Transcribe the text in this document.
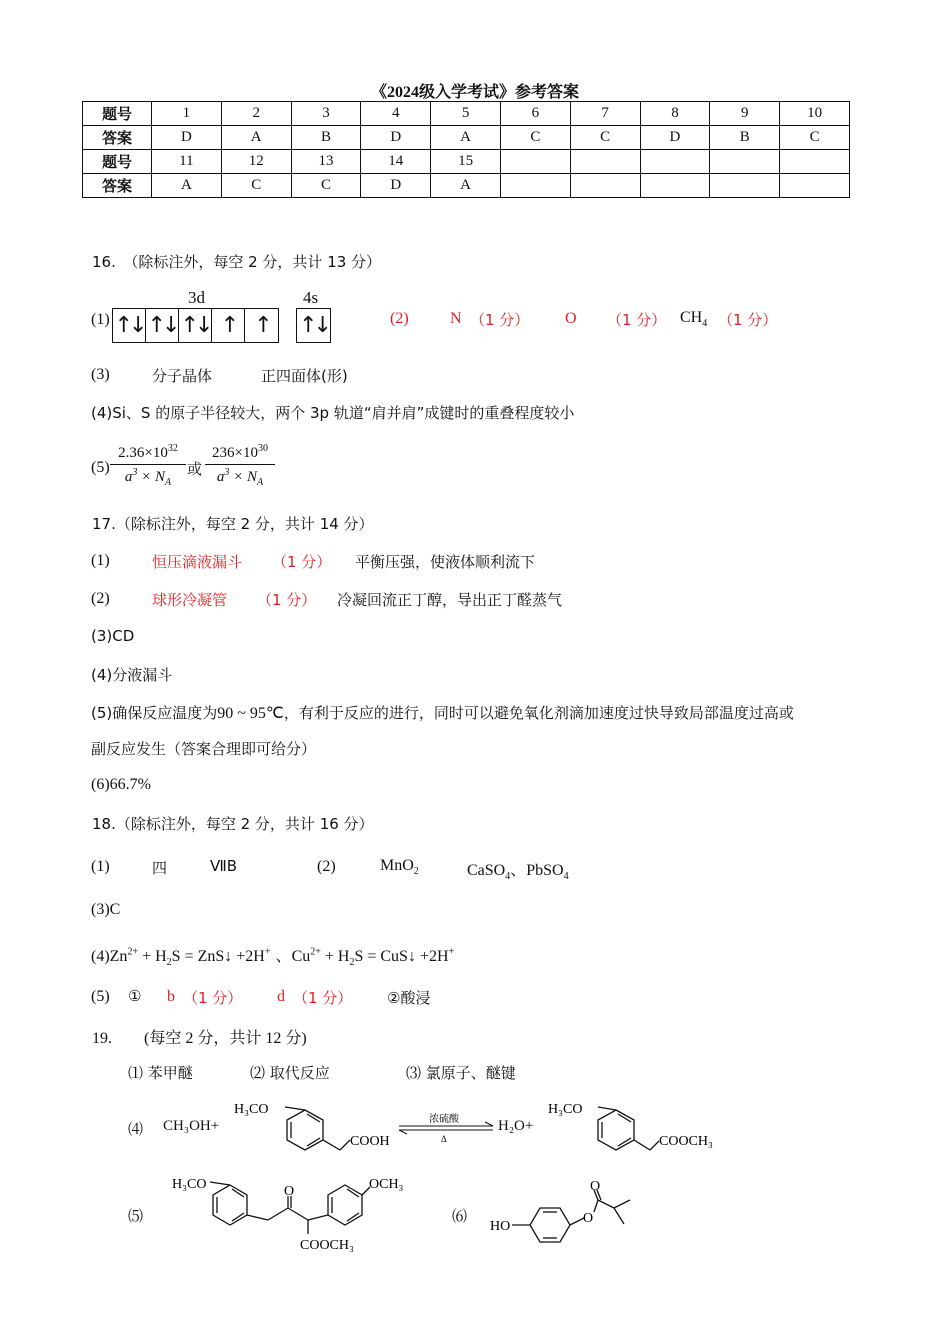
《2024级入学考试》参考答案
题号	1	2	3	4	5	6	7	8	9	10
答案	D	A	B	D	A	C	C	D	B	C
题号	11	12	13	14	15					
答案	A	C	C	D	A					
16.　（除标注外，每空 2 分，共计 13 分）
(1)
3d	4s
↑↓ ↑↓ ↑↓ ↑ ↑	↑↓	(2)	N （1 分） O （1 分） $CH_4$ （1 分）
(3)	分子晶体	正四面体(形)
(4)Si、S 的原子半径较大，两个 3p 轨道“肩并肩”成键时的重叠程度较小
$(5) \frac{2.36\times 10^{32}}{a^3 \times N_A}$ 或 $\frac{236\times 10^{30}}{a^3 \times N_A}$
17.（除标注外，每空 2 分，共计 14 分）
(1)	恒压滴液漏斗 （1 分） 平衡压强，使液体顺利流下
(2)	球形冷凝管 （1 分） 冷凝回流正丁醇，导出正丁醛蒸气
(3)CD
(4)分液漏斗
(5)确保反应温度为90 ~ 95℃，有利于反应的进行，同时可以避免氧化剂滴加速度过快导致局部温度过高或
副反应发生（答案合理即可给分）
(6)66.7%
18.（除标注外，每空 2 分，共计 16 分）
(1)	四	ⅦB	(2)	MnO$_2$	CaSO$_4$、PbSO$_4$
(3)C
$(4)Zn^{2+} + H_2S$ = ZnS↓ +2H+ 、$Cu^{2+} + H_2S$ = CuS↓ +2H+
(5) ① b （1 分） d （1 分） ②酸浸
19.　　(每空 2 分，共计 12 分)
⑴ 苯甲醚	⑵ 取代反应	⑶ 氯原子、醚键
⑷ CH₃OH+
H₃CO
COOH
浓硫酸
Δ
H₂O+
H₃CO
COOCH₃
⑸
H₃CO	O
COOCH₃
OCH₃
⑹
HO
O
O
